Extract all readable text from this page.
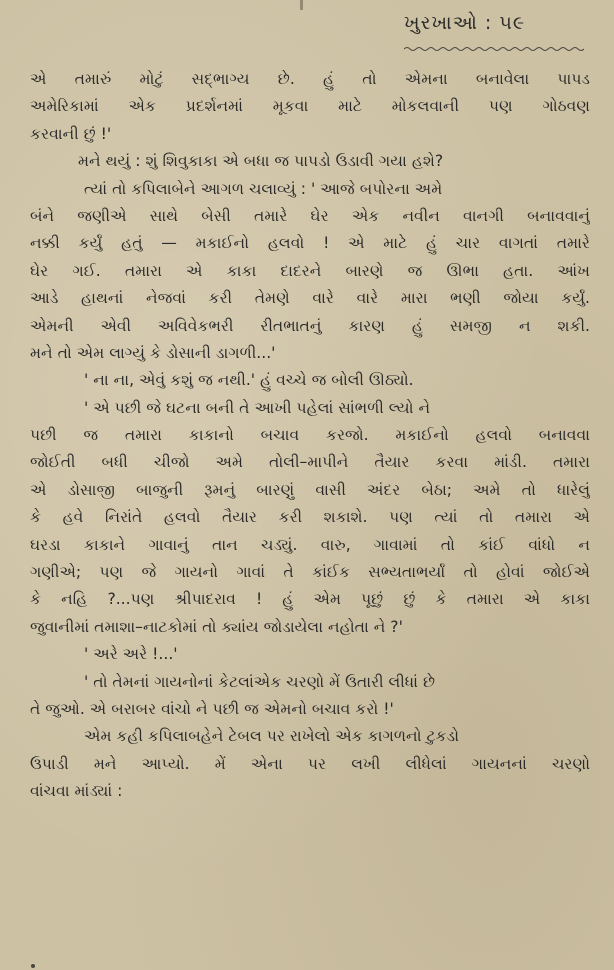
ખુરખાઓ : ૫૯
એ તમારું મોટું સદ્ભાગ્ય છે. હું તો એમના બનાવેલા પાપડ
અમેરિકામાં એક પ્રદર્શનમાં મૂકવા માટે મોકલવાની પણ ગોઠવણ
કરવાની છું !'
મને થયું : શું શિવુકાકા એ બધા જ પાપડો ઉડાવી ગયા હશે?
ત્યાં તો કપિલાબેને આગળ ચલાવ્યું : ' આજે બપોરના અમે
બંને જણીએ સાથે બેસી તમારે ઘેર એક નવીન વાનગી બનાવવાનું
નક્કી કર્યું હતું — મકાઈનો હલવો ! એ માટે હું ચાર વાગતાં તમારે
ઘેર ગઈ. તમારા એ કાકા દાદરને બારણે જ ઊભા હતા. આંખ
આડે હાથનાં નેજવાં કરી તેમણે વારે વારે મારા ભણી જોયા કર્યું.
એમની એવી અવિવેકભરી રીતભાતનું કારણ હું સમજી ન શકી.
મને તો એમ લાગ્યું કે ડોસાની ડાગળી...'
' ના ના, એવું કશું જ નથી.' હું વચ્ચે જ બોલી ઊઠ્યો.
' એ પછી જે ઘટના બની તે આખી પહેલાં સાંભળી લ્યો ને
પછી જ તમારા કાકાનો બચાવ કરજો. મકાઈનો હલવો બનાવવા
જોઈતી બધી ચીજો અમે તોલી–માપીને તૈયાર કરવા માંડી. તમારા
એ ડોસાજી બાજુની રૂમનું બારણું વાસી અંદર બેઠા; અમે તો ધારેલું
કે હવે નિરાંતે હલવો તૈયાર કરી શકાશે. પણ ત્યાં તો તમારા એ
ઘરડા કાકાને ગાવાનું તાન ચડ્યું. વારુ, ગાવામાં તો કાંઈ વાંધો ન
ગણીએ; પણ જે ગાયનો ગાવાં તે કાંઈક સભ્યતાભર્યાં તો હોવાં જોઈએ
કે નહિ ?...પણ શ્રીપાદરાવ ! હું એમ પૂછું છું કે તમારા એ કાકા
જુવાનીમાં તમાશા–નાટકોમાં તો ક્યાંય જોડાયેલા નહોતા ને ?'
' અરે અરે !...'
' તો તેમનાં ગાયનોનાં કેટલાંએક ચરણો મેં ઉતારી લીધાં છે
તે જુઓ. એ બરાબર વાંચો ને પછી જ એમનો બચાવ કરો !'
એમ કહી કપિલાબહેને ટેબલ પર રાખેલો એક કાગળનો ટુકડો
ઉપાડી મને આપ્યો. મેં એના પર લખી લીધેલાં ગાયનનાં ચરણો
વાંચવા માંડ્યાં :
